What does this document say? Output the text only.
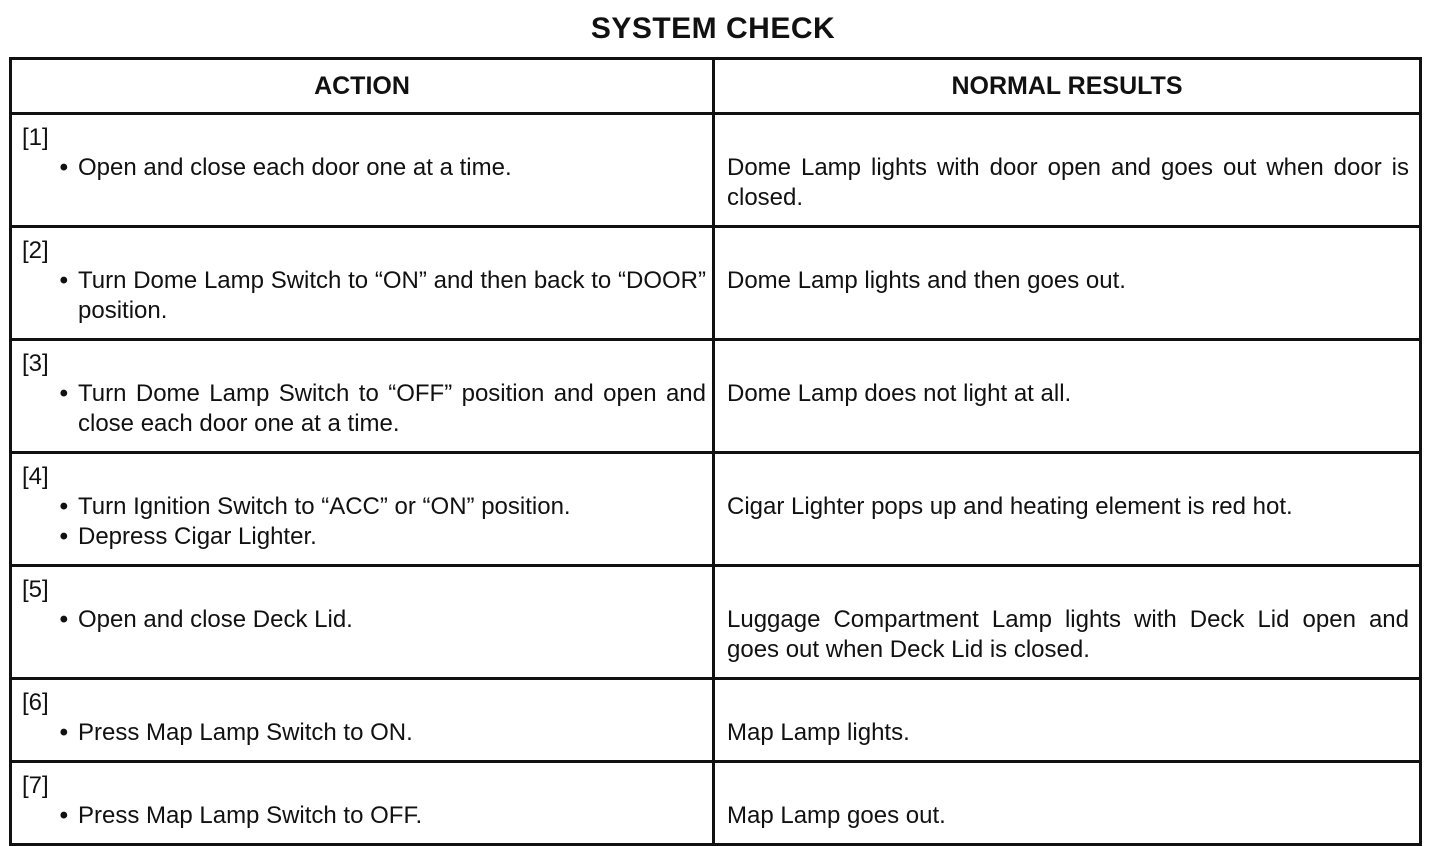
SYSTEM CHECK
ACTION	NORMAL RESULTS

[1]
• Open and close each door one at a time.	Dome Lamp lights with door open and goes out when door is closed.

[2]
• Turn Dome Lamp Switch to “ON” and then back to “DOOR” position.	Dome Lamp lights and then goes out.

[3]
• Turn Dome Lamp Switch to “OFF” position and open and close each door one at a time.	Dome Lamp does not light at all.

[4]
• Turn Ignition Switch to “ACC” or “ON” position.
• Depress Cigar Lighter.	Cigar Lighter pops up and heating element is red hot.

[5]
• Open and close Deck Lid.	Luggage Compartment Lamp lights with Deck Lid open and goes out when Deck Lid is closed.

[6]
• Press Map Lamp Switch to ON.	Map Lamp lights.

[7]
• Press Map Lamp Switch to OFF.	Map Lamp goes out.
